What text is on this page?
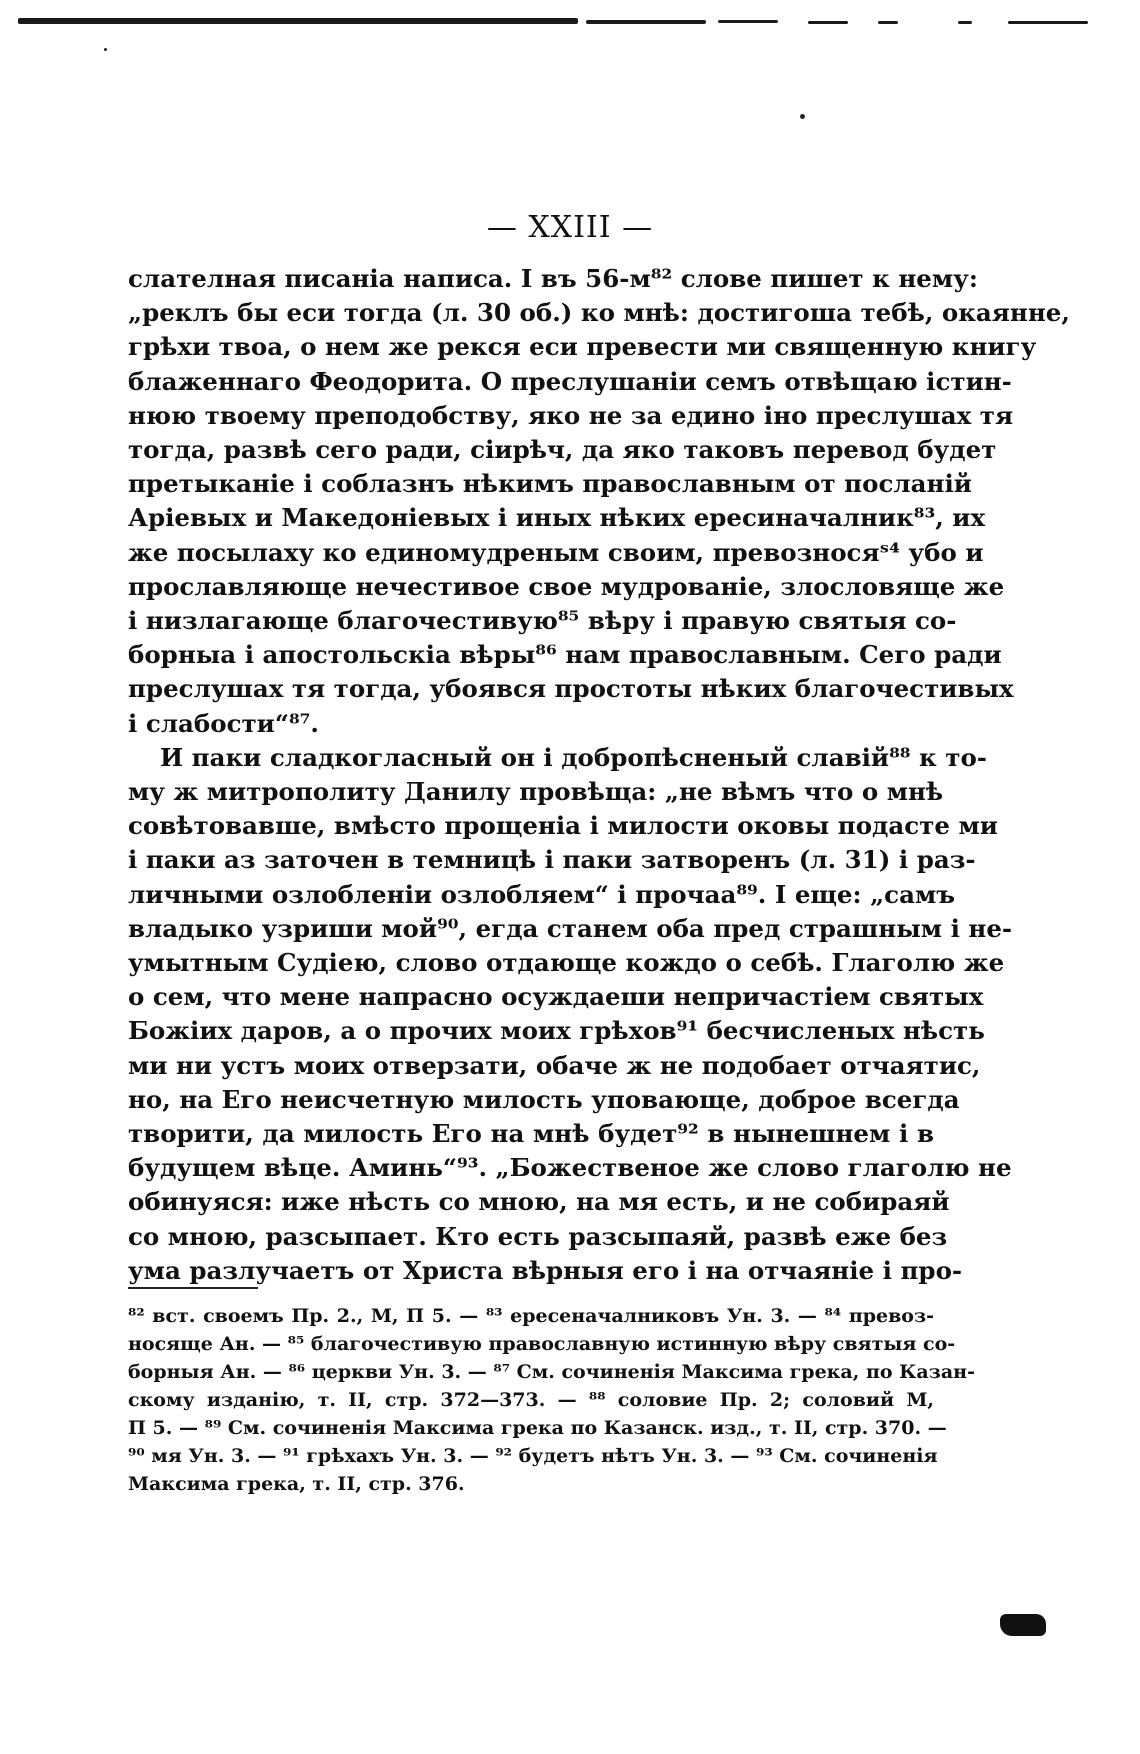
— XXIII —
слателная писанiа написа. I въ 56-м⁸² слове пишет к нему:
„реклъ бы еси тогда (л. 30 об.) ко мнѣ: достигоша тебѣ, окаянне,
грѣхи твоа, о нем же рекся еси превести ми священную книгу
блаженнаго Феодорита. О преслушанiи семъ отвѣщаю iстин-
нюю твоему преподобству, яко не за едино iно преслушах тя
тогда, развѣ сего ради, сiирѣч, да яко таковъ перевод будет
претыканiе i соблазнъ нѣкимъ православным от посланiй
Арiевых и Македонiевых i иных нѣких ересиначалник⁸³, их
же посылаху ко единомудреным своим, превозносяˢ⁴ убо и
прославляюще нечестивое свое мудрованiе, злословяще же
i низлагающе благочестивую⁸⁵ вѣру i правую святыя со-
борныа i апостольскiа вѣры⁸⁶ нам православным. Сего ради
преслушах тя тогда, убоявся простоты нѣких благочестивых
i слабости“⁸⁷.
И паки сладкогласный он i добропѣсненый славiй⁸⁸ к то-
му ж митрополиту Данилу провѣща: „не вѣмъ что о мнѣ
совѣтовавше, вмѣсто прощенiа i милости оковы подасте ми
i паки аз заточен в темницѣ i паки затворенъ (л. 31) i раз-
личными озлобленiи озлобляем“ i прочаа⁸⁹. I еще: „самъ
владыко узриши мой⁹⁰, егда станем оба пред страшным i не-
умытным Судiею, слово отдающе кождо о себѣ. Глаголю же
о сем, что мене напрасно осуждаеши непричастiем святых
Божiих даров, а о прочих моих грѣхов⁹¹ бесчисленых нѣсть
ми ни устъ моих отверзати, обаче ж не подобает отчаятис,
но, на Его неисчетную милость уповающе, доброе всегда
творити, да милость Его на мнѣ будет⁹² в нынешнем i в
будущем вѣце. Аминь“⁹³. „Божественое же слово глаголю не
обинуяся: иже нѣсть со мною, на мя есть, и не собираяй
со мною, разсыпает. Кто есть разсыпаяй, развѣ еже без
ума разлучаетъ от Христа вѣрныя его i на отчаянiе i про-
⁸² вст. своемъ Пр. 2., М, П 5. — ⁸³ ересеначалниковъ Ун. 3. — ⁸⁴ превоз-
носяще Ан. — ⁸⁵ благочестивую православную истинную вѣру святыя со-
борныя Ан. — ⁸⁶ церкви Ун. 3. — ⁸⁷ См. сочиненiя Максима грека, по Казан-
скому изданiю, т. II, стр. 372—373. — ⁸⁸ соловие Пр. 2; соловий М,
П 5. — ⁸⁹ См. сочиненiя Максима грека по Казанск. изд., т. II, стр. 370. —
⁹⁰ мя Ун. 3. — ⁹¹ грѣхахъ Ун. 3. — ⁹² будетъ нѣтъ Ун. 3. — ⁹³ См. сочиненiя
Максима грека, т. II, стр. 376.
